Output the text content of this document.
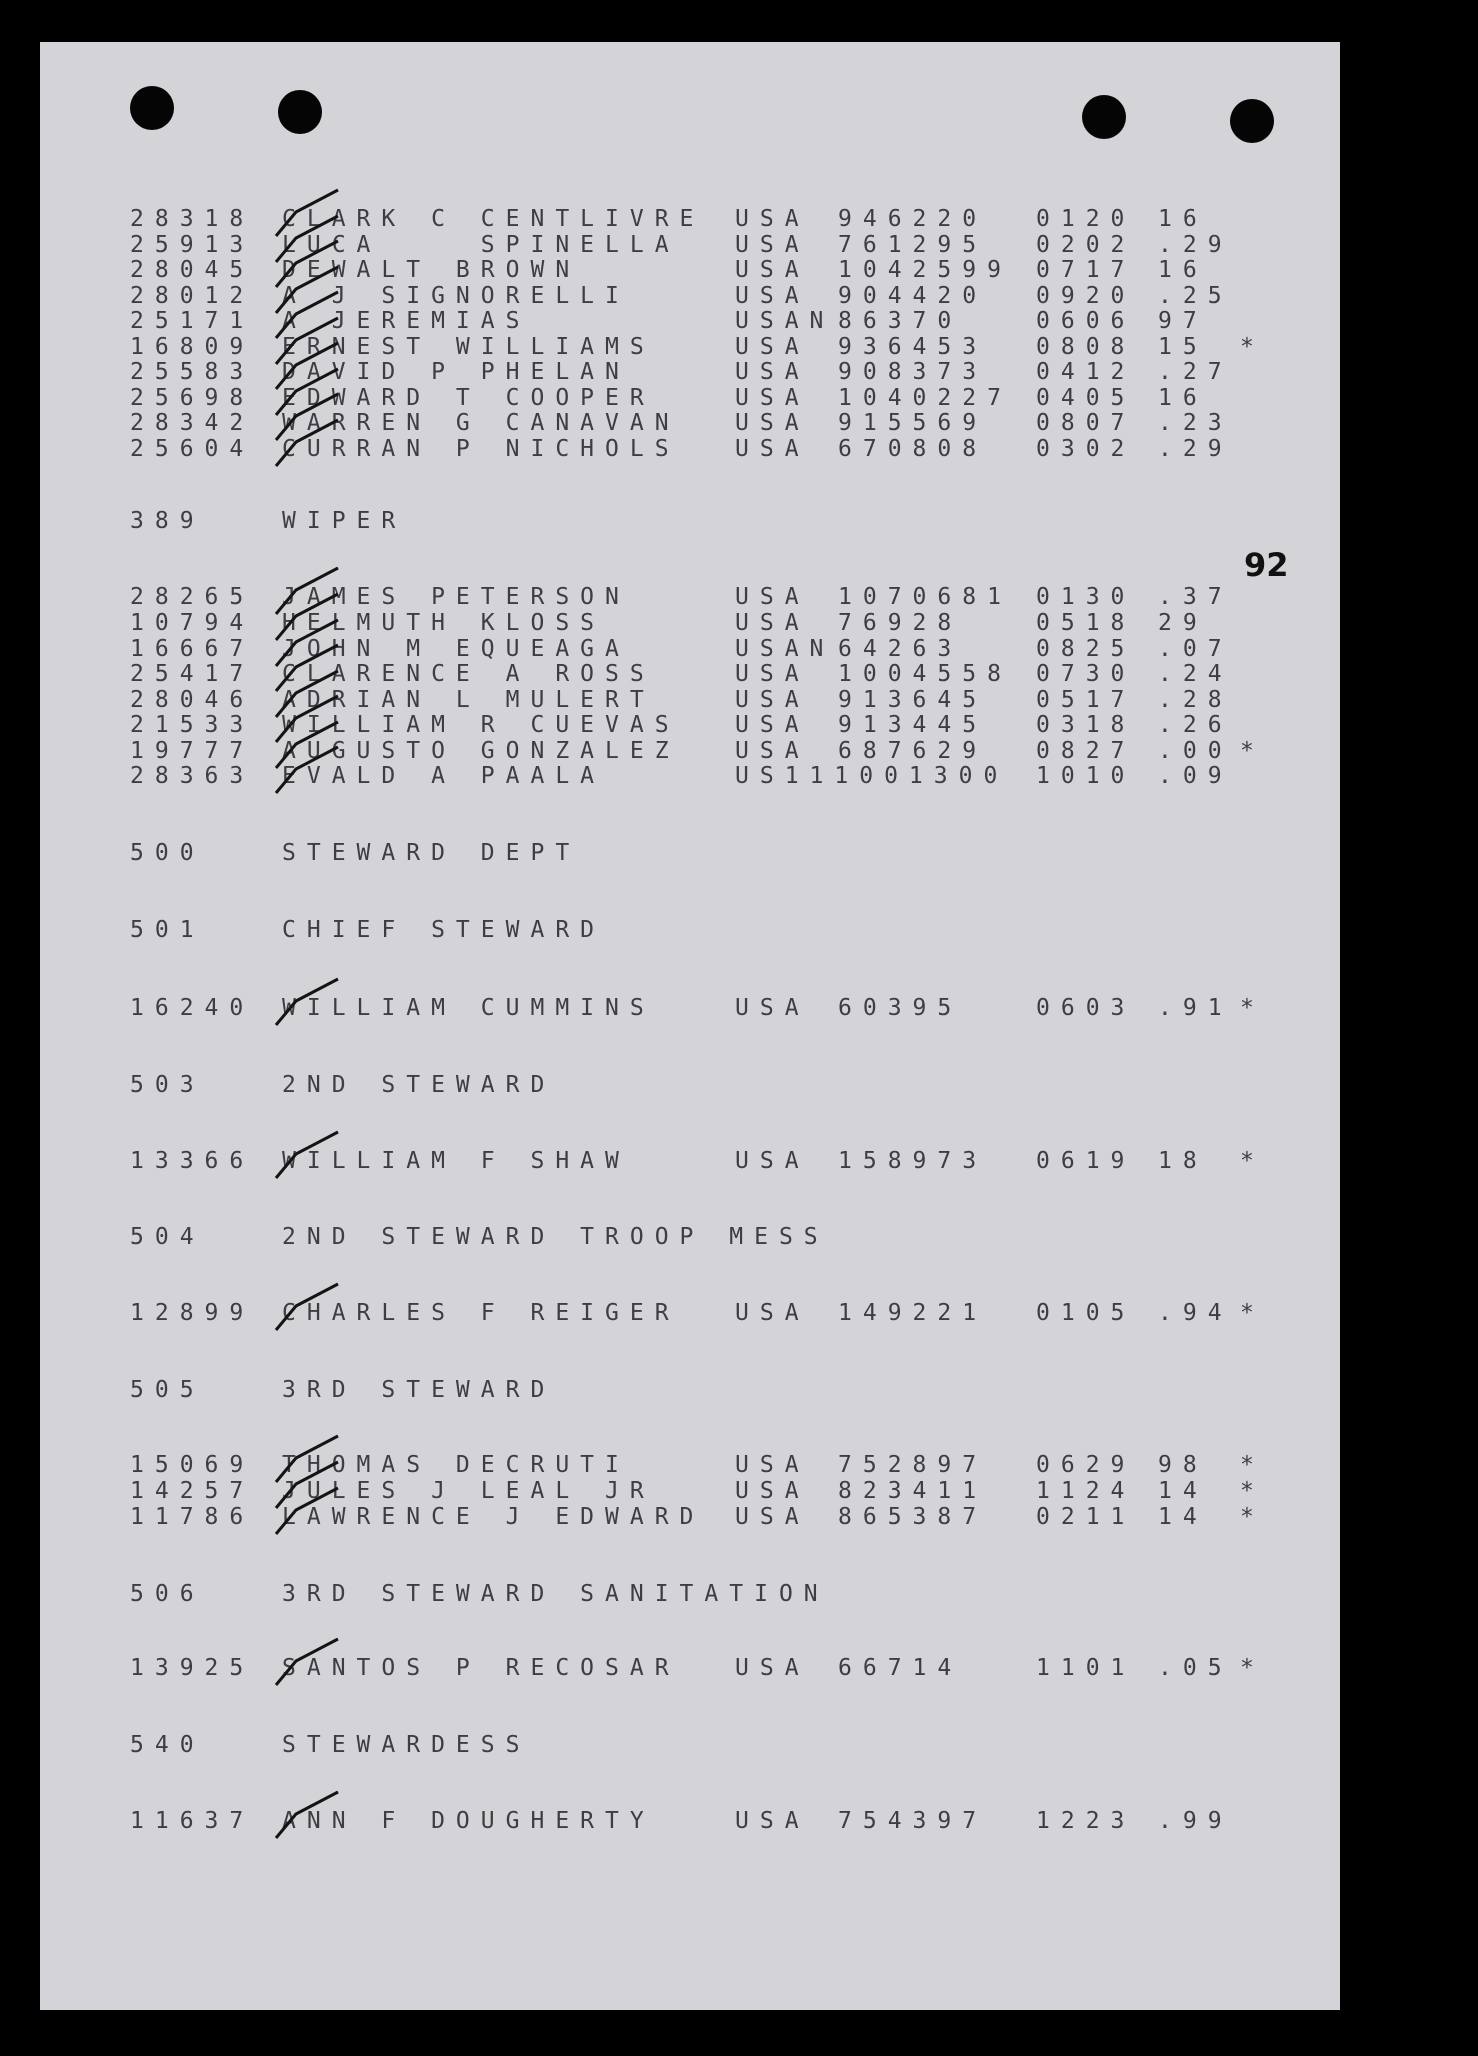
92
28318 CLARK C CENTLIVRE USA 946220 0120 16
25913 LUCA    SPINELLA USA 761295 0202 .29
28045 DEWALT BROWN	USA 1042599 0717 16
28012 A J SIGNORELLI	USA 904420 0920 .25
25171 A JEREMIAS	USAN 86370	0606 97
16809 ERNEST WILLIAMS	USA 936453 0808 15 *
25583 DAVID P PHELAN	USA 908373 0412 .27
25698 EDWARD T COOPER	USA 1040227 0405 16
28342 WARREN G CANAVAN USA 915569 0807 .23
25604 CURRAN P NICHOLS USA 670808 0302 .29
389	WIPER
28265 JAMES PETERSON	USA 1070681 0130 .37
10794 HELMUTH KLOSS	USA 76928	0518 29
16667 JOHN M EQUEAGA	USAN 64263	0825 .07
25417 CLARENCE A ROSS	USA 1004558 0730 .24
28046 ADRIAN L MULERT	USA 913645 0517 .28
21533 WILLIAM R CUEVAS USA 913445 0318 .26
19777 AUGUSTO GONZALEZ USA 687629 0827 .00 *
28363 EVALD A PAALA	US111001300 1010 .09
500	STEWARD DEPT
501	CHIEF STEWARD
16240 WILLIAM CUMMINS	USA 60395	0603 .91 *
503	2ND STEWARD
13366 WILLIAM F SHAW	USA 158973 0619 18 *
504	2ND STEWARD TROOP MESS
12899 CHARLES F REIGER USA 149221 0105 .94 *
505	3RD STEWARD
15069 THOMAS DECRUTI	USA 752897 0629 98 *
14257 JULES J LEAL JR	USA 823411 1124 14 *
11786 LAWRENCE J EDWARD USA 865387 0211 14 *
506	3RD STEWARD SANITATION
13925 SANTOS P RECOSAR USA 66714	1101 .05 *
540	STEWARDESS
11637 ANN F DOUGHERTY	USA 754397 1223 .99
